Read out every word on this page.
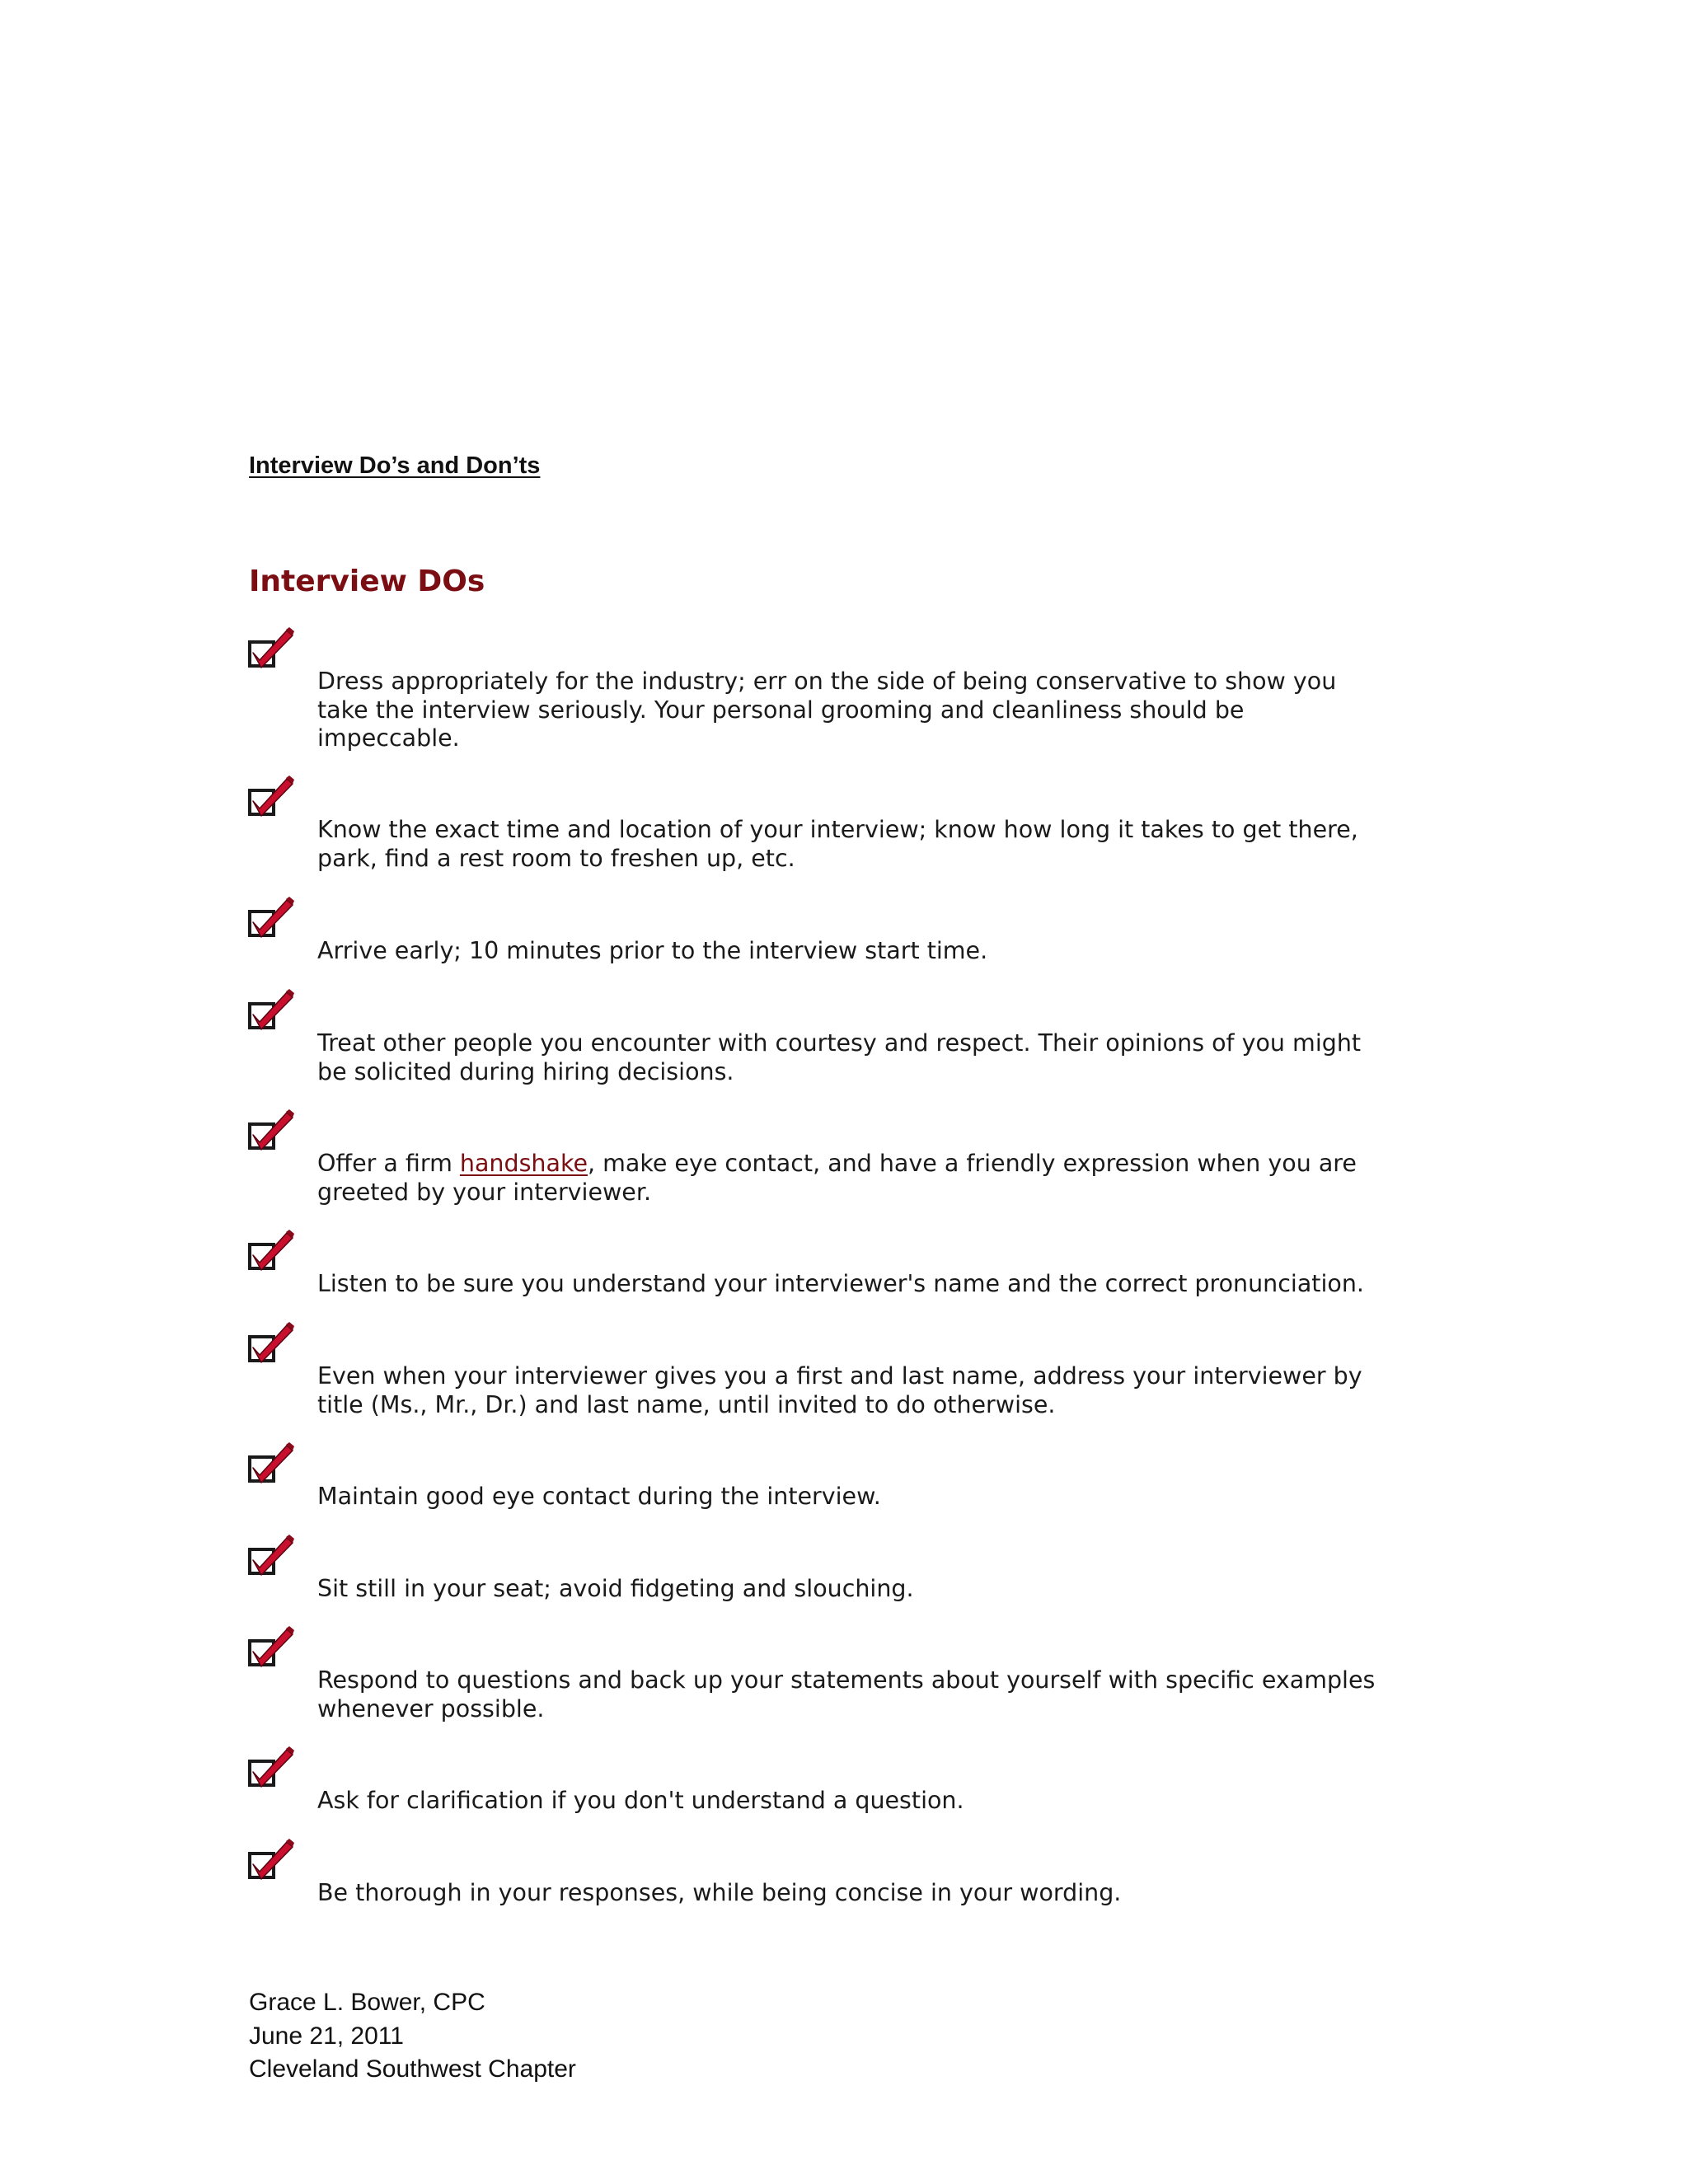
Interview Do’s and Don’ts
Interview DOs

Dress appropriately for the industry; err on the side of being conservative to show you take the interview seriously. Your personal grooming and cleanliness should be impeccable.

Know the exact time and location of your interview; know how long it takes to get there, park, find a rest room to freshen up, etc.

Arrive early; 10 minutes prior to the interview start time.

Treat other people you encounter with courtesy and respect. Their opinions of you might be solicited during hiring decisions.

Offer a firm handshake, make eye contact, and have a friendly expression when you are greeted by your interviewer.

Listen to be sure you understand your interviewer's name and the correct pronunciation.

Even when your interviewer gives you a first and last name, address your interviewer by title (Ms., Mr., Dr.) and last name, until invited to do otherwise.

Maintain good eye contact during the interview.

Sit still in your seat; avoid fidgeting and slouching.

Respond to questions and back up your statements about yourself with specific examples whenever possible.

Ask for clarification if you don't understand a question.

Be thorough in your responses, while being concise in your wording.

Grace L. Bower, CPC
June 21, 2011
Cleveland Southwest Chapter
